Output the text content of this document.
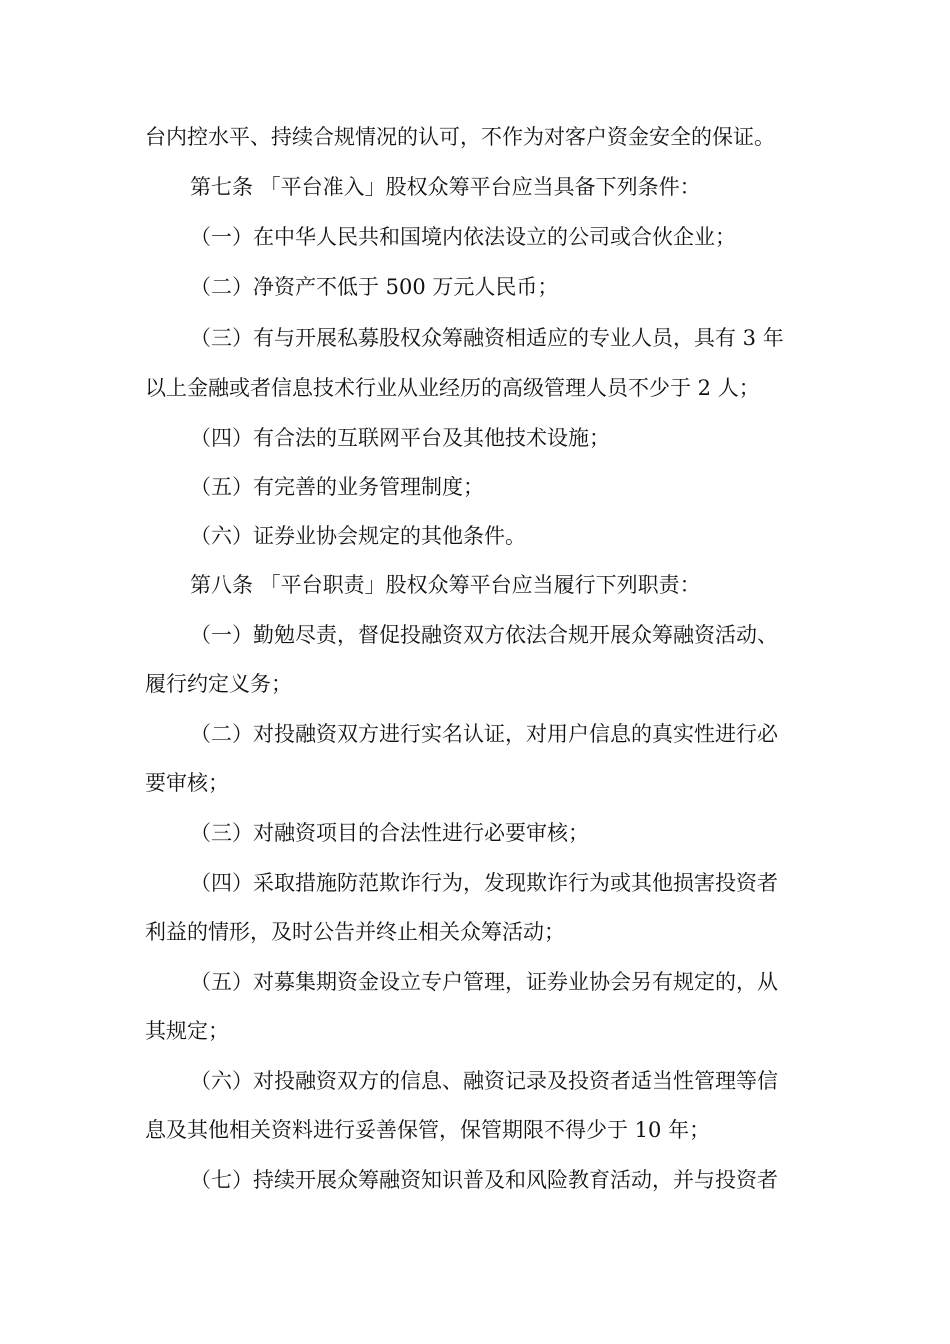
台内控水平、持续合规情况的认可，不作为对客户资金安全的保证。
第七条 「平台准入」股权众筹平台应当具备下列条件：
（一）在中华人民共和国境内依法设立的公司或合伙企业；
（二）净资产不低于 500 万元人民币；
（三）有与开展私募股权众筹融资相适应的专业人员，具有 3 年
以上金融或者信息技术行业从业经历的高级管理人员不少于 2 人；
（四）有合法的互联网平台及其他技术设施；
（五）有完善的业务管理制度；
（六）证券业协会规定的其他条件。
第八条 「平台职责」股权众筹平台应当履行下列职责：
（一）勤勉尽责，督促投融资双方依法合规开展众筹融资活动、
履行约定义务；
（二）对投融资双方进行实名认证，对用户信息的真实性进行必
要审核；
（三）对融资项目的合法性进行必要审核；
（四）采取措施防范欺诈行为，发现欺诈行为或其他损害投资者
利益的情形，及时公告并终止相关众筹活动；
（五）对募集期资金设立专户管理，证券业协会另有规定的，从
其规定；
（六）对投融资双方的信息、融资记录及投资者适当性管理等信
息及其他相关资料进行妥善保管，保管期限不得少于 10 年；
（七）持续开展众筹融资知识普及和风险教育活动，并与投资者
